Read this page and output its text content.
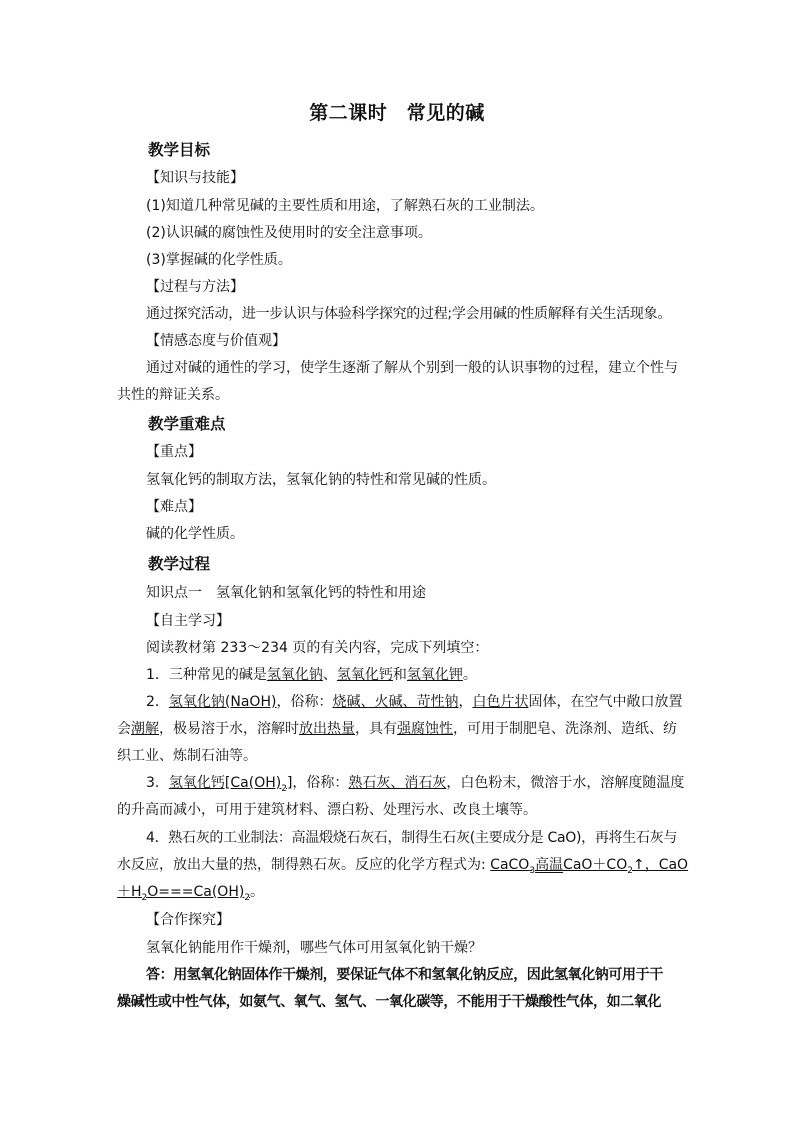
第二课时　常见的碱
教学目标
【知识与技能】
(1)知道几种常见碱的主要性质和用途，了解熟石灰的工业制法。
(2)认识碱的腐蚀性及使用时的安全注意事项。
(3)掌握碱的化学性质。
【过程与方法】
通过探究活动，进一步认识与体验科学探究的过程;学会用碱的性质解释有关生活现象。
【情感态度与价值观】
通过对碱的通性的学习，使学生逐渐了解从个别到一般的认识事物的过程，建立个性与
共性的辩证关系。
教学重难点
【重点】
氢氧化钙的制取方法，氢氧化钠的特性和常见碱的性质。
【难点】
碱的化学性质。
教学过程
知识点一　氢氧化钠和氢氧化钙的特性和用途
【自主学习】
阅读教材第 233～234 页的有关内容，完成下列填空：
1．三种常见的碱是氢氧化钠、氢氧化钙和氢氧化钾。
2．氢氧化钠(NaOH)，俗称：烧碱、火碱、苛性钠，白色片状固体，在空气中敞口放置
会潮解，极易溶于水，溶解时放出热量，具有强腐蚀性，可用于制肥皂、洗涤剂、造纸、纺
织工业、炼制石油等。
3．氢氧化钙$[Ca(OH)_2]$，俗称：熟石灰、消石灰，白色粉末，微溶于水，溶解度随温度
的升高而减小，可用于建筑材料、漂白粉、处理污水、改良土壤等。
4．熟石灰的工业制法：高温煅烧石灰石，制得生石灰(主要成分是 CaO)，再将生石灰与
水反应，放出大量的热，制得熟石灰。反应的化学方程式为: CaCO$_3$高温$CaO+CO_2↑$，CaO
$+H_2O===Ca(OH)_2$。
【合作探究】
氢氧化钠能用作干燥剂，哪些气体可用氢氧化钠干燥？
答：用氢氧化钠固体作干燥剂，要保证气体不和氢氧化钠反应，因此氢氧化钠可用于干
燥碱性或中性气体，如氨气、氧气、氢气、一氧化碳等，不能用于干燥酸性气体，如二氧化
